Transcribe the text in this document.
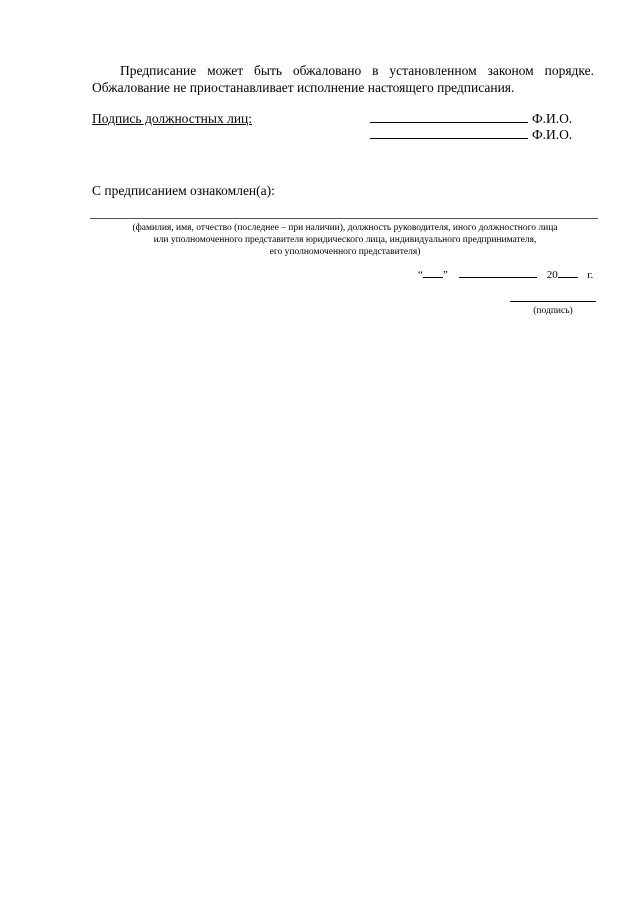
Предписание может быть обжаловано в установленном законом порядке.
Обжалование не приостанавливает исполнение настоящего предписания.
Подпись должностных лиц:	Ф.И.О.
Ф.И.О.
С предписанием ознакомлен(а):
(фамилия, имя, отчество (последнее – при наличии), должность руководителя, иного должностного лица
или уполномоченного представителя юридического лица, индивидуального предпринимателя,
его уполномоченного представителя)
“ ”	20	г.
(подпись)
